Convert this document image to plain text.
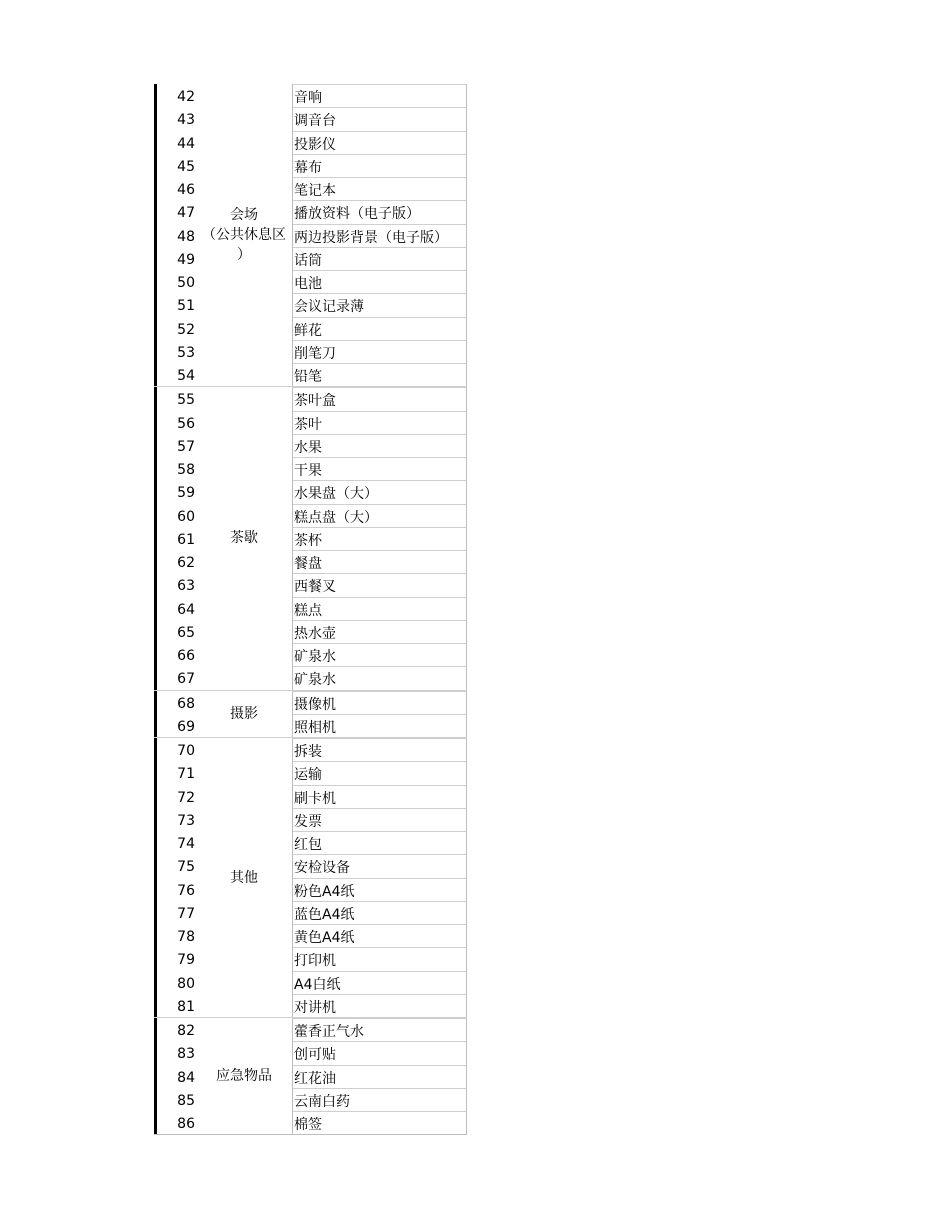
42
43
44
45
46
47
48
49
50
51
52
53
54
会场
（公共休息区
）
音响
调音台
投影仪
幕布
笔记本
播放资料（电子版）
两边投影背景（电子版）
话筒
电池
会议记录薄
鲜花
削笔刀
铅笔
55
56
57
58
59
60
61
62
63
64
65
66
67
茶歇
茶叶盒
茶叶
水果
干果
水果盘（大）
糕点盘（大）
茶杯
餐盘
西餐叉
糕点
热水壶
矿泉水
矿泉水
68
69
摄影
摄像机
照相机
70
71
72
73
74
75
76
77
78
79
80
81
其他
拆装
运输
刷卡机
发票
红包
安检设备
粉色A4纸
蓝色A4纸
黄色A4纸
打印机
A4白纸
对讲机
82
83
84
85
86
应急物品
藿香正气水
创可贴
红花油
云南白药
棉签
